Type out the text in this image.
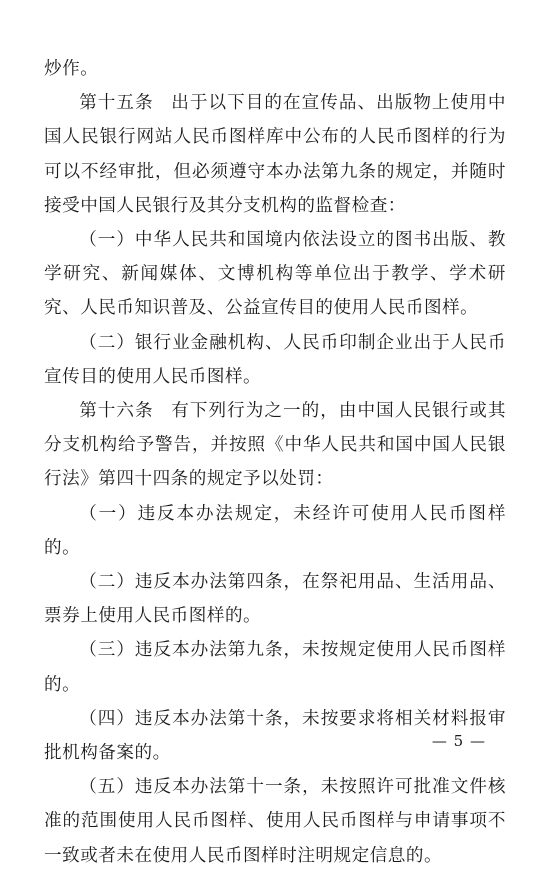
炒作。

第十五条 出于以下目的在宣传品、出版物上使用中国人民银行网站人民币图样库中公布的人民币图样的行为可以不经审批，但必须遵守本办法第九条的规定，并随时接受中国人民银行及其分支机构的监督检查：

（一）中华人民共和国境内依法设立的图书出版、教学研究、新闻媒体、文博机构等单位出于教学、学术研究、人民币知识普及、公益宣传目的使用人民币图样。

（二）银行业金融机构、人民币印制企业出于人民币宣传目的使用人民币图样。

第十六条 有下列行为之一的，由中国人民银行或其分支机构给予警告，并按照《中华人民共和国中国人民银行法》第四十四条的规定予以处罚：

（一）违反本办法规定，未经许可使用人民币图样的。

（二）违反本办法第四条，在祭祀用品、生活用品、票券上使用人民币图样的。

（三）违反本办法第九条，未按规定使用人民币图样的。

（四）违反本办法第十条，未按要求将相关材料报审批机构备案的。

（五）违反本办法第十一条，未按照许可批准文件核准的范围使用人民币图样、使用人民币图样与申请事项不一致或者未在使用人民币图样时注明规定信息的。

— 5 —
